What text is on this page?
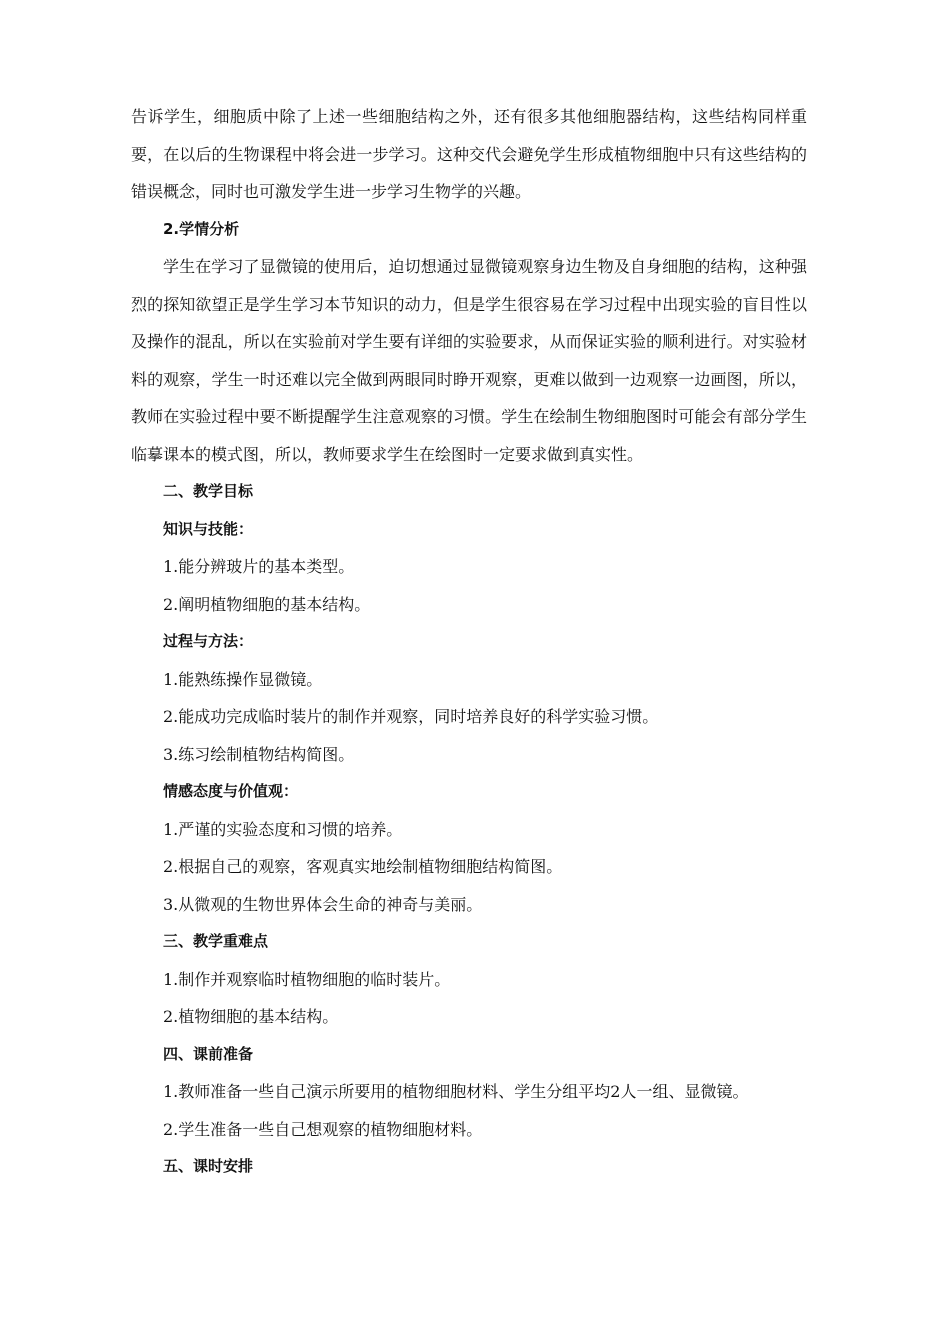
告诉学生，细胞质中除了上述一些细胞结构之外，还有很多其他细胞器结构，这些结构同样重要，在以后的生物课程中将会进一步学习。这种交代会避免学生形成植物细胞中只有这些结构的错误概念，同时也可激发学生进一步学习生物学的兴趣。

2.学情分析

学生在学习了显微镜的使用后，迫切想通过显微镜观察身边生物及自身细胞的结构，这种强烈的探知欲望正是学生学习本节知识的动力，但是学生很容易在学习过程中出现实验的盲目性以及操作的混乱，所以在实验前对学生要有详细的实验要求，从而保证实验的顺利进行。对实验材料的观察，学生一时还难以完全做到两眼同时睁开观察，更难以做到一边观察一边画图，所以，教师在实验过程中要不断提醒学生注意观察的习惯。学生在绘制生物细胞图时可能会有部分学生临摹课本的模式图，所以，教师要求学生在绘图时一定要求做到真实性。

二、教学目标

知识与技能：

1.能分辨玻片的基本类型。

2.阐明植物细胞的基本结构。

过程与方法：

1.能熟练操作显微镜。

2.能成功完成临时装片的制作并观察，同时培养良好的科学实验习惯。

3.练习绘制植物结构简图。

情感态度与价值观：

1.严谨的实验态度和习惯的培养。

2.根据自己的观察，客观真实地绘制植物细胞结构简图。

3.从微观的生物世界体会生命的神奇与美丽。

三、教学重难点

1.制作并观察临时植物细胞的临时装片。

2.植物细胞的基本结构。

四、课前准备

1.教师准备一些自己演示所要用的植物细胞材料、学生分组平均2人一组、显微镜。

2.学生准备一些自己想观察的植物细胞材料。

五、课时安排
